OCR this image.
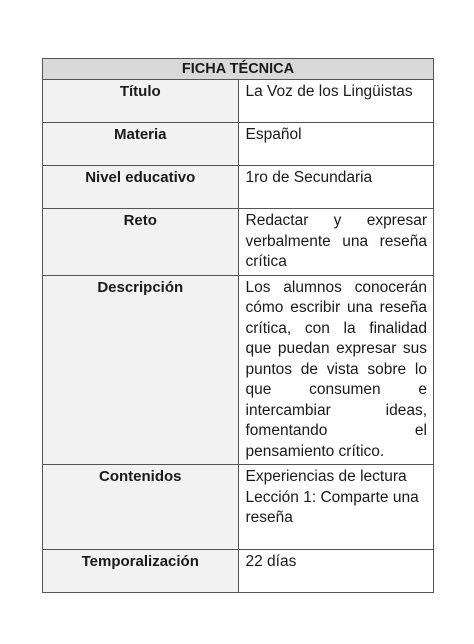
FICHA TÉCNICA	
Título	La Voz de los Lingüistas
Materia	Español
Nivel educativo	1ro de Secundaria
Reto	Redactar y expresar verbalmente una reseña crítica
Descripción	Los alumnos conocerán cómo escribir una reseña crítica, con la finalidad que puedan expresar sus puntos de vista sobre lo que consumen e intercambiar ideas, fomentando el pensamiento crítico.
Contenidos	Experiencias de lectura
Lección 1: Comparte una reseña
Temporalización	22 días
